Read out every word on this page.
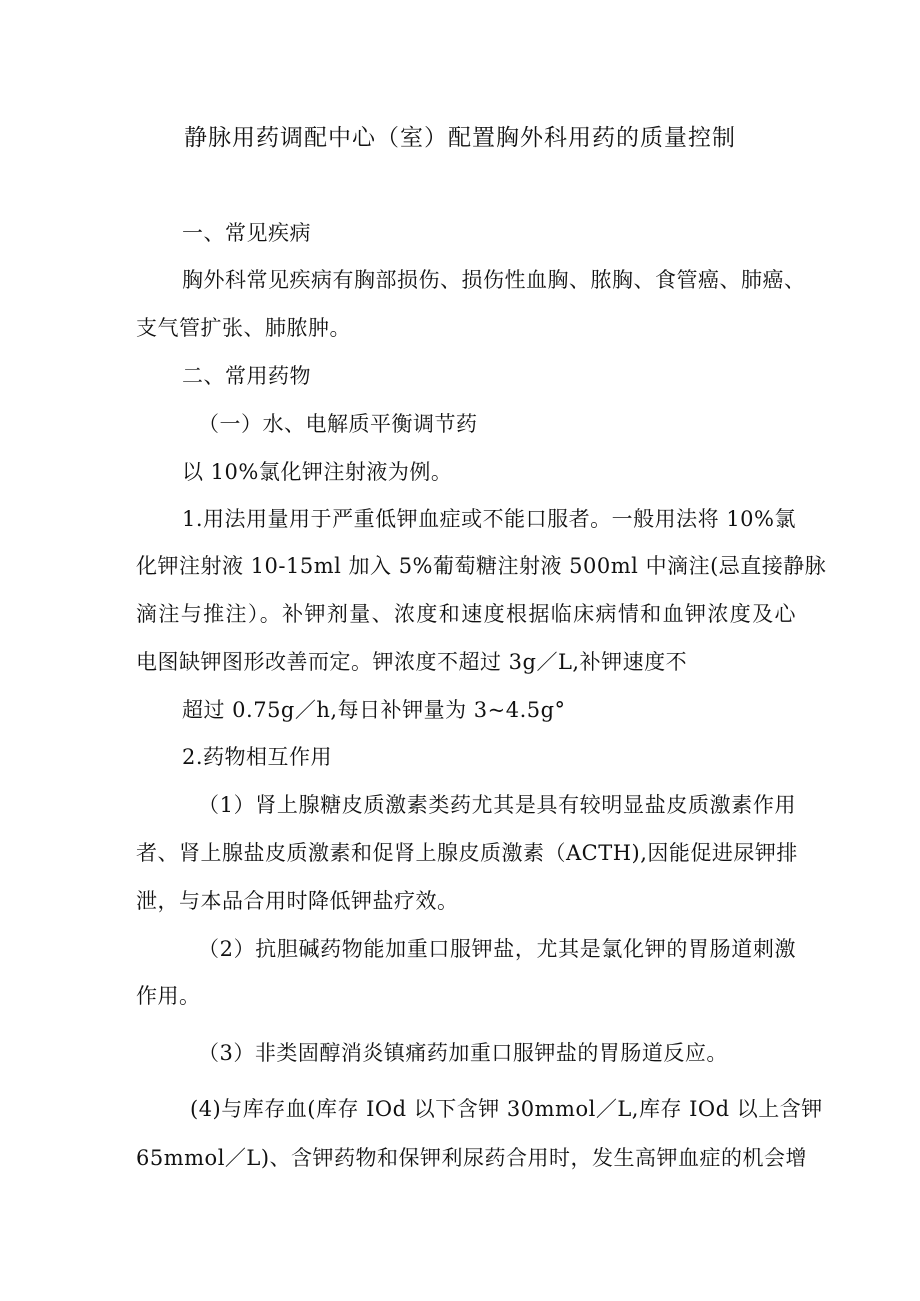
静脉用药调配中心（室）配置胸外科用药的质量控制
一、常见疾病
胸外科常见疾病有胸部损伤、损伤性血胸、脓胸、食管癌、肺癌、
支气管扩张、肺脓肿。
二、常用药物
（一）水、电解质平衡调节药
以 10%氯化钾注射液为例。
1.用法用量用于严重低钾血症或不能口服者。一般用法将 10%氯
化钾注射液 10-15ml 加入 5%葡萄糖注射液 500ml 中滴注(忌直接静脉
滴注与推注）。补钾剂量、浓度和速度根据临床病情和血钾浓度及心
电图缺钾图形改善而定。钾浓度不超过 3g／L,补钾速度不
超过 0.75g／h,每日补钾量为 3~4.5g°
2.药物相互作用
（1）肾上腺糖皮质激素类药尤其是具有较明显盐皮质激素作用
者、肾上腺盐皮质激素和促肾上腺皮质激素（ACTH),因能促进尿钾排
泄，与本品合用时降低钾盐疗效。
（2）抗胆碱药物能加重口服钾盐，尤其是氯化钾的胃肠道刺激
作用。
（3）非类固醇消炎镇痛药加重口服钾盐的胃肠道反应。
(4)与库存血(库存 IOd 以下含钾 30mmol／L,库存 IOd 以上含钾
65mmol／L)、含钾药物和保钾利尿药合用时，发生高钾血症的机会增
